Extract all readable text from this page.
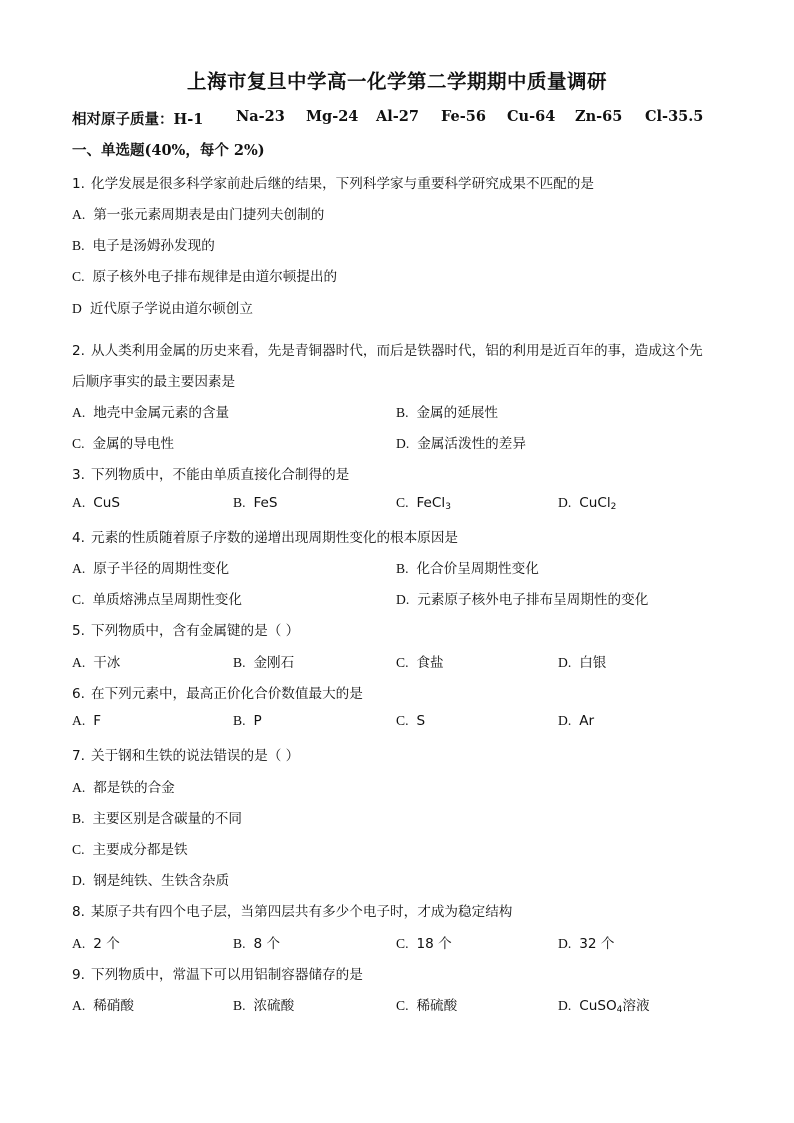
上海市复旦中学高一化学第二学期期中质量调研
相对原子质量：H-1 Na-23 Mg-24 Al-27 Fe-56 Cu-64 Zn-65 Cl-35.5
一、单选题(40%，每个 2%)
1. 化学发展是很多科学家前赴后继的结果，下列科学家与重要科学研究成果不匹配的是
A. 第一张元素周期表是由门捷列夫创制的
B. 电子是汤姆孙发现的
C. 原子核外电子排布规律是由道尔顿提出的
D 近代原子学说由道尔顿创立
2. 从人类利用金属的历史来看，先是青铜器时代，而后是铁器时代，铝的利用是近百年的事，造成这个先
后顺序事实的最主要因素是
A. 地壳中金属元素的含量	B. 金属的延展性
C. 金属的导电性	D. 金属活泼性的差异
3. 下列物质中，不能由单质直接化合制得的是
A. CuS	B. FeS	C. FeCl$_3$	D. CuCl$_2$
4. 元素的性质随着原子序数的递增出现周期性变化的根本原因是
A. 原子半径的周期性变化	B. 化合价呈周期性变化
C. 单质熔沸点呈周期性变化	D. 元素原子核外电子排布呈周期性的变化
5. 下列物质中，含有金属键的是（ ）
A. 干冰	B. 金刚石	C. 食盐	D. 白银
6. 在下列元素中，最高正价化合价数值最大的是
A. F	B. P	C. S	D. Ar
7. 关于钢和生铁的说法错误的是（ ）
A. 都是铁的合金
B. 主要区别是含碳量的不同
C. 主要成分都是铁
D. 钢是纯铁、生铁含杂质
8. 某原子共有四个电子层，当第四层共有多少个电子时，才成为稳定结构
A. 2 个	B. 8 个	C. 18 个	D. 32 个
9. 下列物质中，常温下可以用铝制容器储存的是
A. 稀硝酸	B. 浓硫酸	C. 稀硫酸	D. CuSO$_4$溶液
